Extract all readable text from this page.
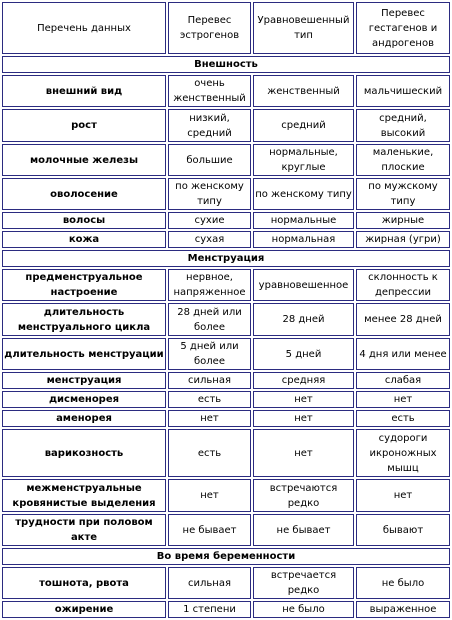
Перечень данных	Перевес эстрогенов	Уравновешенный тип	Перевес гестагенов и андрогенов
Внешность			
внешний вид	очень женственный	женственный	мальчишеский
рост	низкий, средний	средний	средний, высокий
молочные железы	большие	нормальные, круглые	маленькие, плоские
оволосение	по женскому типу	по женскому типу	по мужскому типу
волосы	сухие	нормальные	жирные
кожа	сухая	нормальная	жирная (угри)
Менструация			
предменструальное настроение	нервное, напряженное	уравновешенное	склонность к депрессии
длительность менструального цикла	28 дней или более	28 дней	менее 28 дней
длительность менструации	5 дней или более	5 дней	4 дня или менее
менструация	сильная	средняя	слабая
дисменорея	есть	нет	нет
аменорея	нет	нет	есть
варикозность	есть	нет	судороги икроножных мышц
межменструальные кровянистые выделения	нет	встречаются редко	нет
трудности при половом акте	не бывает	не бывает	бывают
Во время беременности			
тошнота, рвота	сильная	встречается редко	не было
ожирение	1 степени	не было	выраженное
